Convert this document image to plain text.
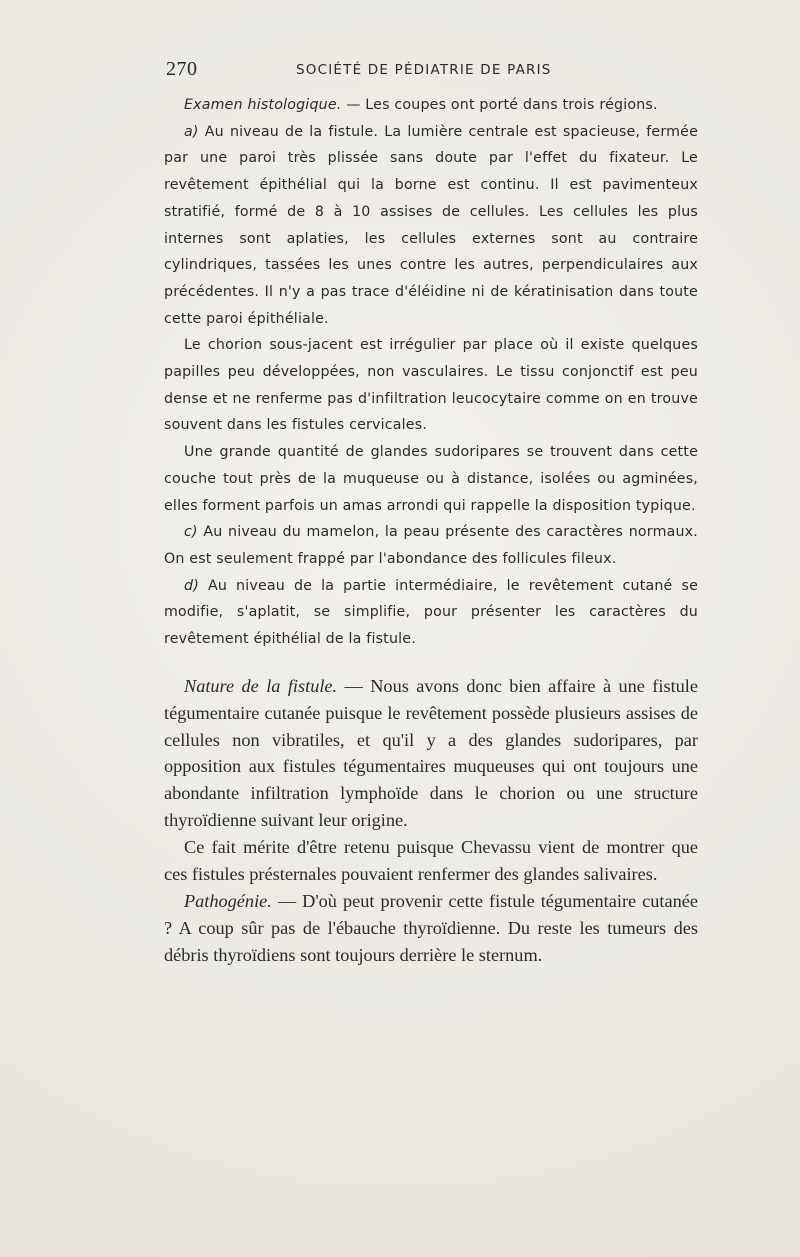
270	SOCIÉTÉ DE PÉDIATRIE DE PARIS

Examen histologique. — Les coupes ont porté dans trois régions.

a) Au niveau de la fistule. La lumière centrale est spacieuse, fermée par une paroi très plissée sans doute par l'effet du fixateur. Le revêtement épithélial qui la borne est continu. Il est pavimenteux stratifié, formé de 8 à 10 assises de cellules. Les cellules les plus internes sont aplaties, les cellules externes sont au contraire cylindriques, tassées les unes contre les autres, perpendiculaires aux précédentes. Il n'y a pas trace d'éléidine ni de kératinisation dans toute cette paroi épithéliale.

Le chorion sous-jacent est irrégulier par place où il existe quelques papilles peu développées, non vasculaires. Le tissu conjonctif est peu dense et ne renferme pas d'infiltration leucocytaire comme on en trouve souvent dans les fistules cervicales.

Une grande quantité de glandes sudoripares se trouvent dans cette couche tout près de la muqueuse ou à distance, isolées ou agminées, elles forment parfois un amas arrondi qui rappelle la disposition typique.

c) Au niveau du mamelon, la peau présente des caractères normaux. On est seulement frappé par l'abondance des follicules fileux.

d) Au niveau de la partie intermédiaire, le revêtement cutané se modifie, s'aplatit, se simplifie, pour présenter les caractères du revêtement épithélial de la fistule.

Nature de la fistule. — Nous avons donc bien affaire à une fistule tégumentaire cutanée puisque le revêtement possède plusieurs assises de cellules non vibratiles, et qu'il y a des glandes sudoripares, par opposition aux fistules tégumentaires muqueuses qui ont toujours une abondante infiltration lymphoïde dans le chorion ou une structure thyroïdienne suivant leur origine.

Ce fait mérite d'être retenu puisque Chevassu vient de montrer que ces fistules présternales pouvaient renfermer des glandes salivaires.

Pathogénie. — D'où peut provenir cette fistule tégumentaire cutanée ? A coup sûr pas de l'ébauche thyroïdienne. Du reste les tumeurs des débris thyroïdiens sont toujours derrière le sternum.
